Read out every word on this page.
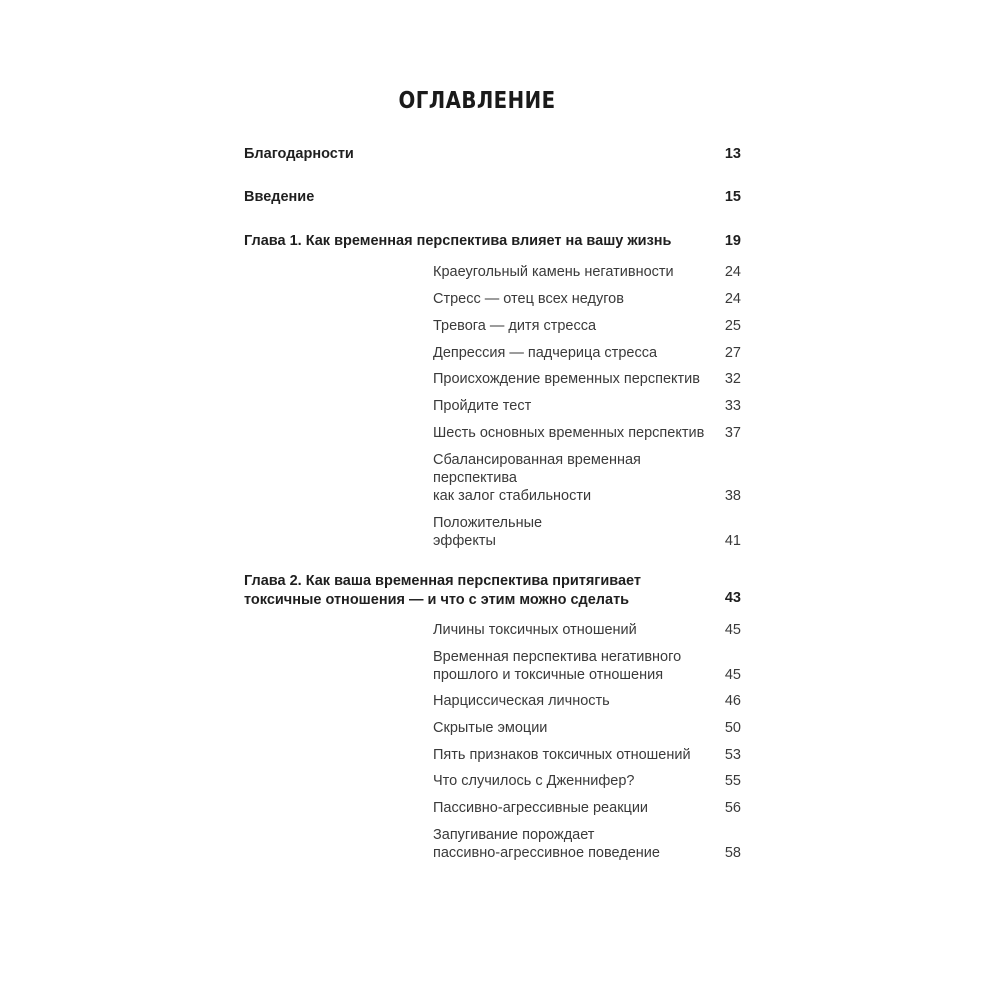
ОГЛАВЛЕНИЕ
Благодарности	13
Введение	15
Глава 1. Как временная перспектива влияет на вашу жизнь	19
Краеугольный камень негативности	24
Стресс — отец всех недугов	24
Тревога — дитя стресса	25
Депрессия — падчерица стресса	27
Происхождение временных перспектив 32
Пройдите тест	33
Шесть основных временных перспектив 37
Сбалансированная временная
перспектива
как залог стабильности	38
Положительные
эффекты	41
Глава 2. Как ваша временная перспектива притягивает
токсичные отношения — и что с этим можно сделать	43
Личины токсичных отношений	45
Временная перспектива негативного
прошлого и токсичные отношения	45
Нарциссическая личность	46
Скрытые эмоции	50
Пять признаков токсичных отношений 53
Что случилось с Дженнифер?	55
Пассивно-агрессивные реакции	56
Запугивание порождает
пассивно-агрессивное поведение	58
